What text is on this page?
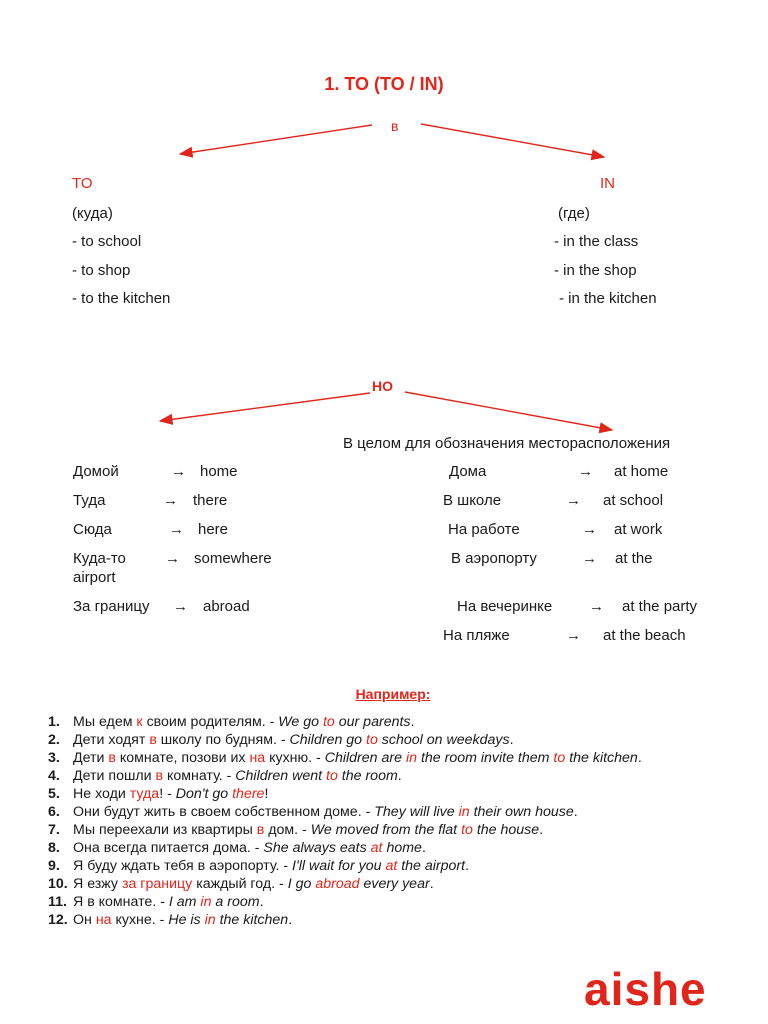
1. TO (TO / IN)
в
TO
(куда)
- to school
- to shop
- to the kitchen
IN
(где)
- in the class
- in the shop
- in the kitchen
НО
В целом для обозначения месторасположения
Домой	→ home
Туда	→ there
Сюда	→ here
Куда-то	→ somewhere
airport
За границу → abroad
Дома	→ at home
В школе	→ at school
На работе	→ at work
В аэропорту	→ at the
На вечеринке → at the party
На пляже	→ at the beach
Например:
1. Мы едем к своим родителям. - We go to our parents.
2. Дети ходят в школу по будням. - Children go to school on weekdays.
3. Дети в комнате, позови их на кухню. - Children are in the room invite them to the kitchen.
4. Дети пошли в комнату. - Children went to the room.
5. Не ходи туда! - Don't go there!
6. Они будут жить в своем собственном доме. - They will live in their own house.
7. Мы переехали из квартиры в дом. - We moved from the flat to the house.
8. Она всегда питается дома. - She always eats at home.
9. Я буду ждать тебя в аэропорту. - I'll wait for you at the airport.
10. Я езжу за границу каждый год. - I go abroad every year.
11. Я в комнате. - I am in a room.
12. Он на кухне. - He is in the kitchen.
aishe
